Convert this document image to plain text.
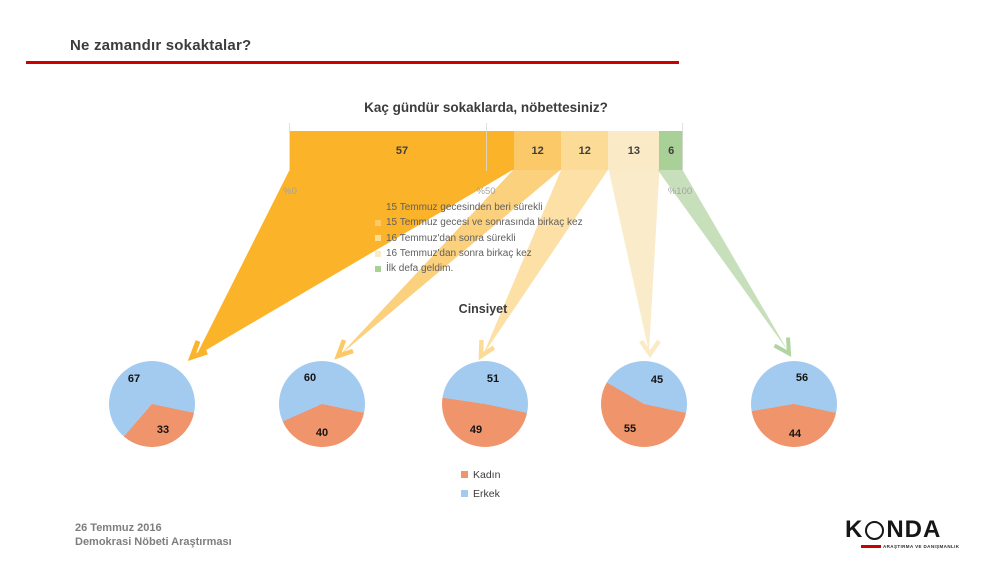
Ne zamandır sokaktalar?
Kaç gündür sokaklarda, nöbettesiniz?
57	12	12	13	6
%0	%50	%100
15 Temmuz gecesinden beri sürekli
15 Temmuz gecesi ve sonrasında birkaç kez
16 Temmuz'dan sonra sürekli
16 Temmuz'dan sonra birkaç kez
İlk defa geldim.
Cinsiyet
67
33
60
40
51
49
45
55
56
44
Kadın
Erkek
26 Temmuz 2016
Demokrasi Nöbeti Araştırması	K NDA
ARAŞTIRMA VE DANIŞMANLIK
